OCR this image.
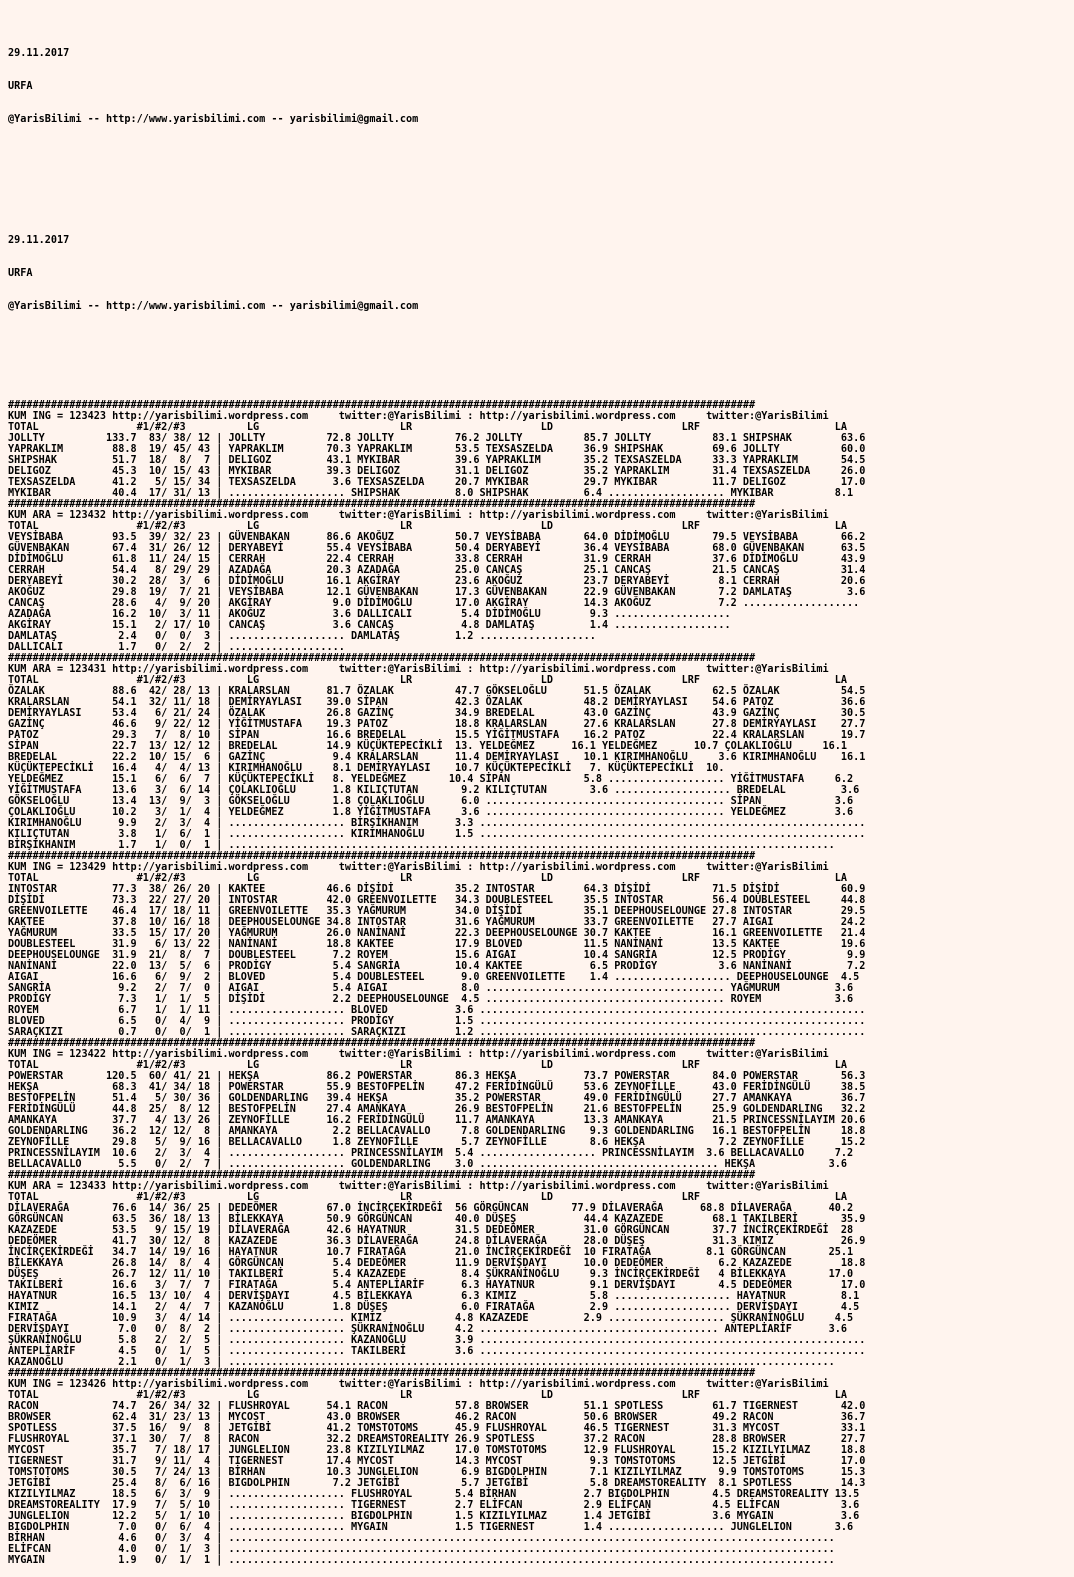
29.11.2017

URFA

@YarisBilimi -- http://www.yarisbilimi.com -- yarisbilimi@gmail.com

29.11.2017

URFA

@YarisBilimi -- http://www.yarisbilimi.com -- yarisbilimi@gmail.com

##########################################################################################################################
KUM ING = 123423 http://yarisbilimi.wordpress.com     twitter:@YarisBilimi : http://yarisbilimi.wordpress.com     twitter:@YarisBilimi
TOTAL                #1/#2/#3          LG                       LR                     LD                     LRF                      LA
JOLLTY          133.7  83/ 38/ 12 | JOLLTY          72.8 JOLLTY          76.2 JOLLTY          85.7 JOLLTY          83.1 SHIPSHAK        63.6
YAPRAKLIM        88.8  19/ 45/ 43 | YAPRAKLIM       70.3 YAPRAKLIM       53.5 TEXSASZELDA     36.9 SHIPSHAK        69.6 JOLLTY          60.0
SHIPSHAK         51.7  18/  8/  7 | DELIGOZ         43.1 MYKIBAR         39.6 YAPRAKLIM       35.2 TEXSASZELDA     33.3 YAPRAKLIM       54.5
DELIGOZ          45.3  10/ 15/ 43 | MYKIBAR         39.3 DELIGOZ         31.1 DELIGOZ         35.2 YAPRAKLIM       31.4 TEXSASZELDA     26.0
TEXSASZELDA      41.2   5/ 15/ 34 | TEXSASZELDA      3.6 TEXSASZELDA     20.7 MYKIBAR         29.7 MYKIBAR         11.7 DELIGOZ         17.0
MYKIBAR          40.4  17/ 31/ 13 | ................... SHIPSHAK         8.0 SHIPSHAK         6.4 ................... MYKIBAR          8.1
##########################################################################################################################
KUM ARA = 123432 http://yarisbilimi.wordpress.com     twitter:@YarisBilimi : http://yarisbilimi.wordpress.com     twitter:@YarisBilimi
TOTAL                #1/#2/#3          LG                       LR                     LD                     LRF                      LA
VEYSİBABA        93.5  39/ 32/ 23 | GÜVENBAKAN      86.6 AKOĞUZ          50.7 VEYSİBABA       64.0 DİDİMOĞLU       79.5 VEYSİBABA       66.2
GÜVENBAKAN       67.4  31/ 26/ 12 | DERYABEYİ       55.4 VEYSİBABA       50.4 DERYABEYİ       36.4 VEYSİBABA       68.0 GÜVENBAKAN      63.5
DİDİMOĞLU        61.8  11/ 24/ 15 | CERRAH          22.4 CERRAH          33.8 CERRAH          31.9 CERRAH          37.6 DİDİMOĞLU       43.9
CERRAH           54.4   8/ 29/ 29 | AZADAĞA         20.3 AZADAĞA         25.0 CANCAŞ          25.1 CANCAŞ          21.5 CANCAŞ          31.4
DERYABEYİ        30.2  28/  3/  6 | DİDİMOĞLU       16.1 AKGİRAY         23.6 AKOĞUZ          23.7 DERYABEYİ        8.1 CERRAH          20.6
AKOĞUZ           29.8  19/  7/ 21 | VEYSİBABA       12.1 GÜVENBAKAN      17.3 GÜVENBAKAN      22.9 GÜVENBAKAN       7.2 DAMLATAŞ         3.6
CANCAŞ           28.6   4/  9/ 20 | AKGİRAY          9.0 DİDİMOĞLU       17.0 AKGİRAY         14.3 AKOĞUZ           7.2 ...................
AZADAĞA          16.2  10/  3/ 11 | AKOĞUZ           3.6 DALLICALI        5.4 DİDİMOĞLU        9.3 ...................
AKGİRAY          15.1   2/ 17/ 10 | CANCAŞ           3.6 CANCAŞ           4.8 DAMLATAŞ         1.4 ...................
DAMLATAŞ          2.4   0/  0/  3 | ................... DAMLATAŞ         1.2 ...................
DALLICALI         1.7   0/  2/  2 | ...................
##########################################################################################################################
KUM ARA = 123431 http://yarisbilimi.wordpress.com     twitter:@YarisBilimi : http://yarisbilimi.wordpress.com     twitter:@YarisBilimi
TOTAL                #1/#2/#3          LG                       LR                     LD                     LRF                      LA
ÖZALAK           88.6  42/ 28/ 13 | KRALARSLAN      81.7 ÖZALAK          47.7 GÖKSELOĞLU      51.5 ÖZALAK          62.5 ÖZALAK          54.5
KRALARSLAN       54.1  32/ 11/ 18 | DEMİRYAYLASI    39.0 SİPAN           42.3 ÖZALAK          48.2 DEMİRYAYLASI    54.6 PATOZ           36.6
DEMİRYAYLASI     53.4   6/ 21/ 24 | ÖZALAK          26.8 GAZİNÇ          34.9 BREDELAL        43.0 GAZİNÇ          43.9 GAZİNÇ          30.5
GAZİNÇ           46.6   9/ 22/ 12 | YİĞİTMUSTAFA    19.3 PATOZ           18.8 KRALARSLAN      27.6 KRALARSLAN      27.8 DEMİRYAYLASI    27.7
PATOZ            29.3   7/  8/ 10 | SİPAN           16.6 BREDELAL        15.5 YİĞİTMUSTAFA    16.2 PATOZ           22.4 KRALARSLAN      19.7
SİPAN            22.7  13/ 12/ 12 | BREDELAL        14.9 KÜÇÜKTEPECİKLİ  13. YELDEĞMEZ      16.1 YELDEĞMEZ      10.7 ÇOLAKLIOĞLU     16.1
BREDELAL         22.2  10/ 15/  6 | GAZİNÇ           9.4 KRALARSLAN      11.4 DEMİRYAYLASI    10.1 KIRIMHANOĞLU     3.6 KIRIMHANOĞLU    16.1
KÜÇÜKTEPECİKLİ   16.4   4/  4/ 13 | KIRIMHANOĞLU     8.1 DEMİRYAYLASI    10.7 KÜÇÜKTEPECİKLİ   7. KÜÇÜKTEPECİKLİ  10.
YELDEĞMEZ        15.1   6/  6/  7 | KÜÇÜKTEPECİKLİ   8. YELDEĞMEZ       10.4 SİPAN            5.8 ................... YİĞİTMUSTAFA     6.2
YİĞİTMUSTAFA     13.6   3/  6/ 14 | ÇOLAKLIOĞLU      1.8 KILIÇTUTAN       9.2 KILIÇTUTAN       3.6 ................... BREDELAL         3.6
GÖKSELOĞLU       13.4  13/  9/  3 | GÖKSELOĞLU       1.8 ÇOLAKLIOĞLU      6.0 ....................................... SİPAN            3.6
ÇOLAKLIOĞLU      10.2   3/  1/  4 | YELDEĞMEZ        1.8 YİĞİTMUSTAFA     3.6 ....................................... YELDEĞMEZ        3.6
KIRIMHANOĞLU      9.9   2/  3/  4 | ................... BİRŞİKHANIM      3.3 ...............................................................
KILIÇTUTAN        3.8   1/  6/  1 | ................... KIRIMHANOĞLU     1.5 ...............................................................
BİRŞİKHANIM       1.7   1/  0/  1 | ...................................................................................................
##########################################################################################################################
KUM ING = 123429 http://yarisbilimi.wordpress.com     twitter:@YarisBilimi : http://yarisbilimi.wordpress.com     twitter:@YarisBilimi
TOTAL                #1/#2/#3          LG                       LR                     LD                     LRF                      LA
INTOSTAR         77.3  38/ 26/ 20 | KAKTEE          46.6 DİŞİDİ          35.2 INTOSTAR        64.3 DİŞİDİ          71.5 DİŞİDİ          60.9
DİŞİDİ           73.3  22/ 27/ 20 | INTOSTAR        42.0 GREENVOILETTE   34.3 DOUBLESTEEL     35.5 INTOSTAR        56.4 DOUBLESTEEL     44.8
GREENVOILETTE    46.4  17/ 18/ 11 | GREENVOILETTE   35.3 YAĞMURUM        34.0 DİŞİDİ          35.1 DEEPHOUSELOUNGE 27.8 INTOSTAR        29.5
KAKTEE           37.8  10/ 16/ 18 | DEEPHOUSELOUNGE 34.8 INTOSTAR        31.6 YAĞMURUM        33.7 GREENVOILETTE   27.7 AIGAI           24.2
YAĞMURUM         33.5  15/ 17/ 20 | YAĞMURUM        26.0 NANİNANİ        22.3 DEEPHOUSELOUNGE 30.7 KAKTEE          16.1 GREENVOILETTE   21.4
DOUBLESTEEL      31.9   6/ 13/ 22 | NANİNANİ        18.8 KAKTEE          17.9 BLOVED          11.5 NANİNANİ        13.5 KAKTEE          19.6
DEEPHOUSELOUNGE  31.9  21/  8/  7 | DOUBLESTEEL      7.2 ROYEM           15.6 AIGAI           10.4 SANGRİA         12.5 PRODİGY          9.9
NANİNANİ         22.0  13/  5/  6 | PRODİGY          5.4 SANGRİA         10.4 KAKTEE           6.5 PRODİGY          3.6 NANİNANİ         7.2
AIGAI            16.6   6/  9/  2 | BLOVED           5.4 DOUBLESTEEL      9.0 GREENVOILETTE    1.4 ................... DEEPHOUSELOUNGE  4.5
SANGRİA           9.2   2/  7/  0 | AIGAI            5.4 AIGAI            8.0 ....................................... YAĞMURUM         3.6
PRODİGY           7.3   1/  1/  5 | DİŞİDİ           2.2 DEEPHOUSELOUNGE  4.5 ....................................... ROYEM            3.6
ROYEM             6.7   1/  1/ 11 | ................... BLOVED           3.6 ...............................................................
BLOVED            6.5   0/  4/  9 | ................... PRODİGY          1.5 ...............................................................
SARAÇKIZI         0.7   0/  0/  1 | ................... SARAÇKIZI        1.2 ...............................................................
##########################################################################################################################
KUM ING = 123422 http://yarisbilimi.wordpress.com     twitter:@YarisBilimi : http://yarisbilimi.wordpress.com     twitter:@YarisBilimi
TOTAL                #1/#2/#3          LG                       LR                     LD                     LRF                      LA
POWERSTAR       120.5  60/ 41/ 21 | HEKŞA           86.2 POWERSTAR       86.3 HEKŞA           73.7 POWERSTAR       84.0 POWERSTAR       56.3
HEKŞA            68.3  41/ 34/ 18 | POWERSTAR       55.9 BESTOFPELİN     47.2 FERİDİNGÜLÜ     53.6 ZEYNOFİLLE      43.0 FERİDİNGÜLÜ     38.5
BESTOFPELİN      51.4   5/ 30/ 36 | GOLDENDARLING   39.4 HEKŞA           35.2 POWERSTAR       49.0 FERİDİNGÜLÜ     27.7 AMANKAYA        36.7
FERİDİNGÜLÜ      44.8  25/  8/ 12 | BESTOFPELİN     27.4 AMANKAYA        26.9 BESTOFPELİN     21.6 BESTOFPELİN     25.9 GOLDENDARLING   32.2
AMANKAYA         37.7   4/ 13/ 26 | ZEYNOFİLLE      16.2 FERİDİNGÜLÜ     11.7 AMANKAYA        13.3 AMANKAYA        21.5 PRINCESSNİLAYIM 20.6
GOLDENDARLING    36.2  12/ 12/  8 | AMANKAYA         2.2 BELLACAVALLO     7.8 GOLDENDARLING    9.3 GOLDENDARLING   16.1 BESTOFPELİN     18.8
ZEYNOFİLLE       29.8   5/  9/ 16 | BELLACAVALLO     1.8 ZEYNOFİLLE       5.7 ZEYNOFİLLE       8.6 HEKŞA            7.2 ZEYNOFİLLE      15.2
PRINCESSNİLAYIM  10.6   2/  3/  4 | ................... PRINCESSNİLAYIM  5.4 ................... PRINCESSNİLAYIM  3.6 BELLACAVALLO     7.2
BELLACAVALLO      5.5   0/  2/  7 | ................... GOLDENDARLING    3.0 ....................................... HEKŞA            3.6
##########################################################################################################################
KUM ARA = 123433 http://yarisbilimi.wordpress.com     twitter:@YarisBilimi : http://yarisbilimi.wordpress.com     twitter:@YarisBilimi
TOTAL                #1/#2/#3          LG                       LR                     LD                     LRF                      LA
DİLAVERAĞA       76.6  14/ 36/ 25 | DEDEÖMER        67.0 İNCİRÇEKİRDEĞİ  56 GÖRGÜNCAN       77.9 DİLAVERAĞA      68.8 DİLAVERAĞA      40.2
GÖRGÜNCAN        63.5  36/ 18/ 13 | BİLEKKAYA       50.9 GÖRGÜNCAN       40.0 DÜŞEŞ           44.4 KAZAZEDE        68.1 TAKILBERİ       35.9
KAZAZEDE         53.5   9/ 15/ 19 | DİLAVERAĞA      42.6 HAYATNUR        31.5 DEDEÖMER        31.0 GÖRGÜNCAN       37.7 İNCİRÇEKİRDEĞİ  28
DEDEÖMER         41.7  30/ 12/  8 | KAZAZEDE        36.3 DİLAVERAĞA      24.8 DİLAVERAĞA      28.0 DÜŞEŞ           31.3 KIMIZ           26.9
İNCİRÇEKİRDEĞİ   34.7  14/ 19/ 16 | HAYATNUR        10.7 FIRATAĞA        21.0 İNCİRÇEKİRDEĞİ  10 FIRATAĞA         8.1 GÖRGÜNCAN       25.1
BİLEKKAYA        26.8  14/  8/  4 | GÖRGÜNCAN        5.4 DEDEÖMER        11.9 DERVİŞDAYI      10.0 DEDEÖMER         6.2 KAZAZEDE        18.8
DÜŞEŞ            26.7  12/ 11/ 10 | TAKILBERİ        5.4 KAZAZEDE         8.4 ŞÜKRANİNOĞLU     9.3 İNCİRÇEKİRDEĞİ   4 BİLEKKAYA       17.0
TAKILBERİ        16.6   3/  7/  7 | FIRATAĞA         5.4 ANTEPLİARİF      6.3 HAYATNUR         9.1 DERVİŞDAYI       4.5 DEDEÖMER        17.0
HAYATNUR         16.5  13/ 10/  4 | DERVİŞDAYI       4.5 BİLEKKAYA        6.3 KIMIZ            5.8 ................... HAYATNUR         8.1
KIMIZ            14.1   2/  4/  7 | KAZANOĞLU        1.8 DÜŞEŞ            6.0 FIRATAĞA         2.9 ................... DERVİŞDAYI       4.5
FIRATAĞA         10.9   3/  4/ 14 | ................... KIMIZ            4.8 KAZAZEDE         2.9 ................... ŞÜKRANİNOĞLU     4.5
DERVİŞDAYI        7.0   0/  8/  2 | ................... ŞÜKRANİNOĞLU     4.2 ....................................... ANTEPLİARİF      3.6
ŞÜKRANİNOĞLU      5.8   2/  2/  5 | ................... KAZANOĞLU        3.9 ...............................................................
ANTEPLİARİF       4.5   0/  1/  5 | ................... TAKILBERİ        3.6 ...............................................................
KAZANOĞLU         2.1   0/  1/  3 | ...................................................................................................
##########################################################################################################################
KUM ING = 123426 http://yarisbilimi.wordpress.com     twitter:@YarisBilimi : http://yarisbilimi.wordpress.com     twitter:@YarisBilimi
TOTAL                #1/#2/#3          LG                       LR                     LD                     LRF                      LA
RACON            74.7  26/ 34/ 32 | FLUSHROYAL      54.1 RACON           57.8 BROWSER         51.1 SPOTLESS        61.7 TIGERNEST       42.0
BROWSER          62.4  31/ 23/ 13 | MYCOST          43.0 BROWSER         46.2 RACON           50.6 BROWSER         49.2 RACON           36.7
SPOTLESS         37.5  16/  9/  8 | JETGİBİ         41.2 TOMSTOTOMS      45.9 FLUSHROYAL      46.5 TIGERNEST       31.3 MYCOST          33.1
FLUSHROYAL       37.1  30/  7/  8 | RACON           32.2 DREAMSTOREALITY 26.9 SPOTLESS        37.2 RACON           28.8 BROWSER         27.7
MYCOST           35.7   7/ 18/ 17 | JUNGLELION      23.8 KIZILYILMAZ     17.0 TOMSTOTOMS      12.9 FLUSHROYAL      15.2 KIZILYILMAZ     18.8
TIGERNEST        31.7   9/ 11/  4 | TIGERNEST       17.4 MYCOST          14.3 MYCOST           9.3 TOMSTOTOMS      12.5 JETGİBİ         17.0
TOMSTOTOMS       30.5   7/ 24/ 13 | BİRHAN          10.3 JUNGLELION       6.9 BIGDOLPHIN       7.1 KIZILYILMAZ      9.9 TOMSTOTOMS      15.3
JETGİBİ          25.4   8/  6/ 16 | BIGDOLPHIN       7.2 JETGİBİ          5.7 JETGİBİ          5.8 DREAMSTOREALITY  8.1 SPOTLESS        14.3
KIZILYILMAZ      18.5   6/  3/  9 | ................... FLUSHROYAL       5.4 BİRHAN           2.7 BIGDOLPHIN       4.5 DREAMSTOREALITY 13.5
DREAMSTOREALITY  17.9   7/  5/ 10 | ................... TIGERNEST        2.7 ELİFCAN          2.9 ELİFCAN          4.5 ELİFCAN          3.6
JUNGLELION       12.2   5/  1/ 10 | ................... BIGDOLPHIN       1.5 KIZILYILMAZ      1.4 JETGİBİ          3.6 MYGAIN           3.6
BIGDOLPHIN        7.0   0/  6/  4 | ................... MYGAIN           1.5 TIGERNEST        1.4 ................... JUNGLELION       3.6
BİRHAN            4.6   0/  3/  4 | ...................................................................................................
ELİFCAN           4.0   0/  1/  3 | ...................................................................................................
MYGAIN            1.9   0/  1/  1 | ...................................................................................................
